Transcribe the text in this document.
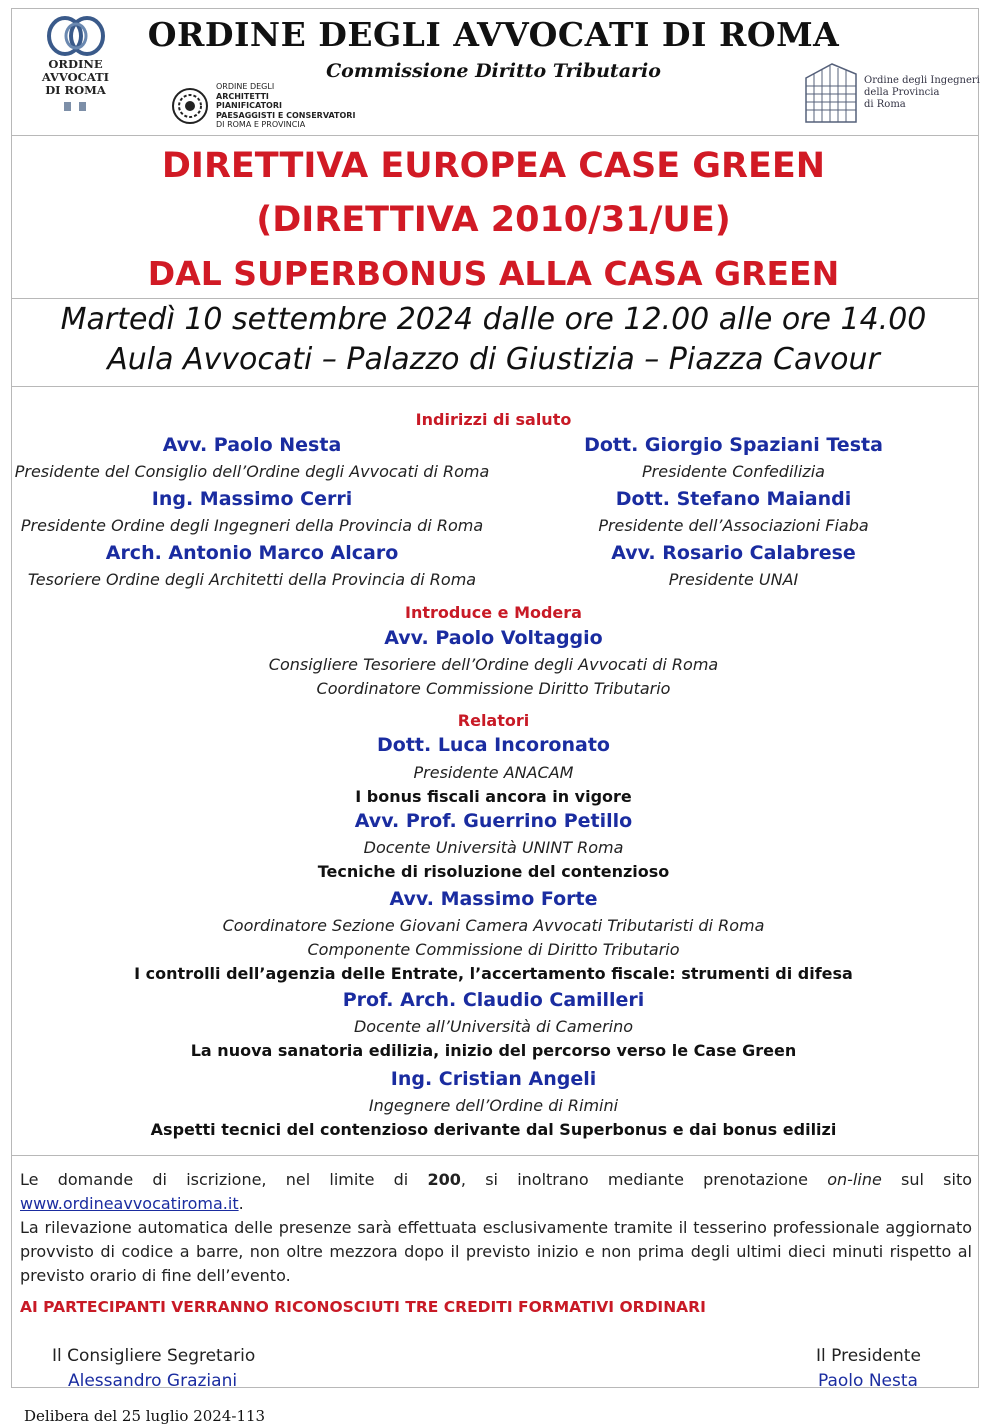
ORDINE
AVVOCATI
DI ROMA	ORDINE DEGLI
ARCHITETTI
PIANIFICATORI
PAESAGGISTI E CONSERVATORI
DI ROMA E PROVINCIA
Ordine degli Ingegneri
della Provincia
di Roma
ORDINE DEGLI AVVOCATI DI ROMA
Commissione Diritto Tributario
DIRETTIVA EUROPEA CASE GREEN
(DIRETTIVA 2010/31/UE)
DAL SUPERBONUS ALLA CASA GREEN
Martedì 10 settembre 2024 dalle ore 12.00 alle ore 14.00
Aula Avvocati – Palazzo di Giustizia – Piazza Cavour
Indirizzi di saluto
Avv. Paolo Nesta
Presidente del Consiglio dell’Ordine degli Avvocati di Roma
Ing. Massimo Cerri
Presidente Ordine degli Ingegneri della Provincia di Roma
Arch. Antonio Marco Alcaro
Tesoriere Ordine degli Architetti della Provincia di Roma
Dott. Giorgio Spaziani Testa
Presidente Confedilizia
Dott. Stefano Maiandi
Presidente dell’Associazioni Fiaba
Avv. Rosario Calabrese
Presidente UNAI
Introduce e Modera
Avv. Paolo Voltaggio
Consigliere Tesoriere dell’Ordine degli Avvocati di Roma
Coordinatore Commissione Diritto Tributario
Relatori
Dott. Luca Incoronato
Presidente ANACAM
I bonus fiscali ancora in vigore
Avv. Prof. Guerrino Petillo
Docente Università UNINT Roma
Tecniche di risoluzione del contenzioso
Avv. Massimo Forte
Coordinatore Sezione Giovani Camera Avvocati Tributaristi di Roma
Componente Commissione di Diritto Tributario
I controlli dell’agenzia delle Entrate, l’accertamento fiscale: strumenti di difesa
Prof. Arch. Claudio Camilleri
Docente all’Università di Camerino
La nuova sanatoria edilizia, inizio del percorso verso le Case Green
Ing. Cristian Angeli
Ingegnere dell’Ordine di Rimini
Aspetti tecnici del contenzioso derivante dal Superbonus e dai bonus edilizi
Le domande di iscrizione, nel limite di 200, si inoltrano mediante prenotazione on-line sul sito www.ordineavvocatiroma.it.
La rilevazione automatica delle presenze sarà effettuata esclusivamente tramite il tesserino professionale aggiornato provvisto di codice a barre, non oltre mezzora dopo il previsto inizio e non prima degli ultimi dieci minuti rispetto al previsto orario di fine dell’evento.
AI PARTECIPANTI VERRANNO RICONOSCIUTI TRE CREDITI FORMATIVI ORDINARI
Il Consigliere Segretario
Alessandro Graziani
Il Presidente
Paolo Nesta
Delibera del 25 luglio 2024-113
